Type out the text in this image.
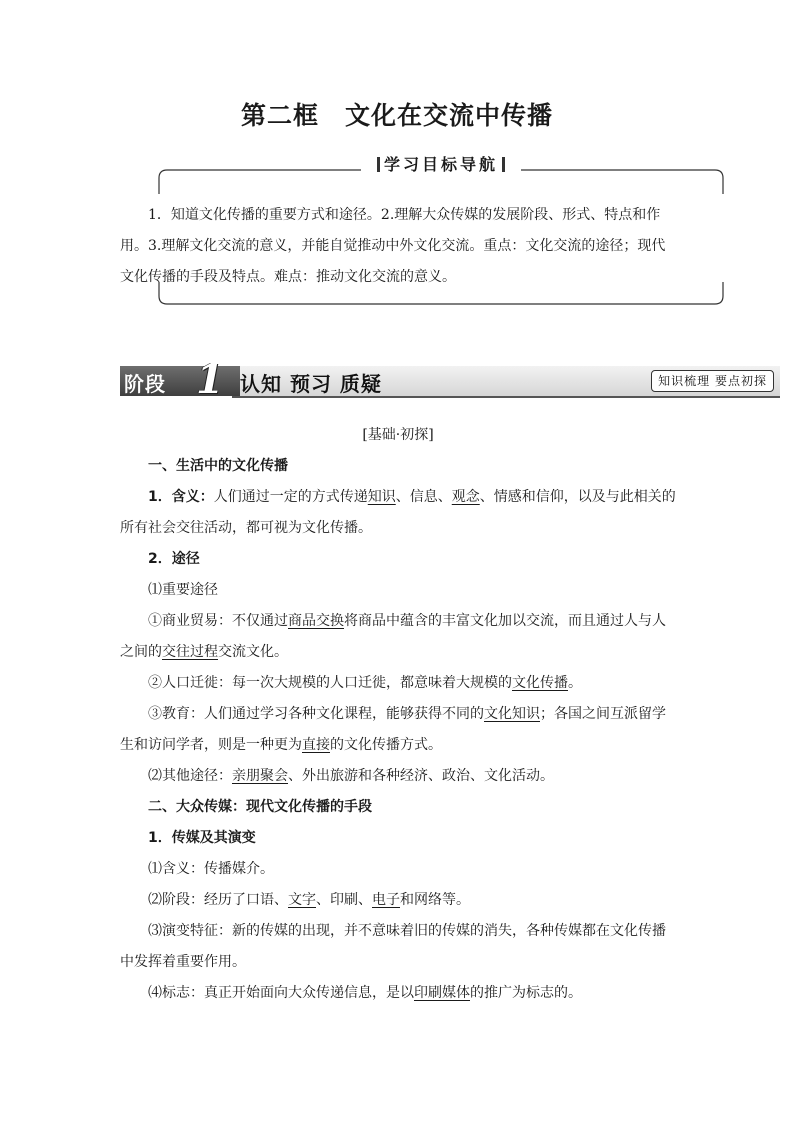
第二框 文化在交流中传播
学习目标导航
1．知道文化传播的重要方式和途径。2.理解大众传媒的发展阶段、形式、特点和作用。3.理解文化交流的意义，并能自觉推动中外文化交流。重点：文化交流的途径；现代文化传播的手段及特点。难点：推动文化交流的意义。
认知 预习 质疑	知识梳理 要点初探
阶段 1

[基础·初探]

一、生活中的文化传播

1．含义：人们通过一定的方式传递知识、信息、观念、情感和信仰，以及与此相关的所有社会交往活动，都可视为文化传播。

2．途径

⑴重要途径

①商业贸易：不仅通过商品交换将商品中蕴含的丰富文化加以交流，而且通过人与人之间的交往过程交流文化。

②人口迁徙：每一次大规模的人口迁徙，都意味着大规模的文化传播。

③教育：人们通过学习各种文化课程，能够获得不同的文化知识；各国之间互派留学生和访问学者，则是一种更为直接的文化传播方式。

⑵其他途径：亲朋聚会、外出旅游和各种经济、政治、文化活动。

二、大众传媒：现代文化传播的手段

1．传媒及其演变

⑴含义：传播媒介。

⑵阶段：经历了口语、文字、印刷、电子和网络等。

⑶演变特征：新的传媒的出现，并不意味着旧的传媒的消失，各种传媒都在文化传播中发挥着重要作用。

⑷标志：真正开始面向大众传递信息，是以印刷媒体的推广为标志的。
